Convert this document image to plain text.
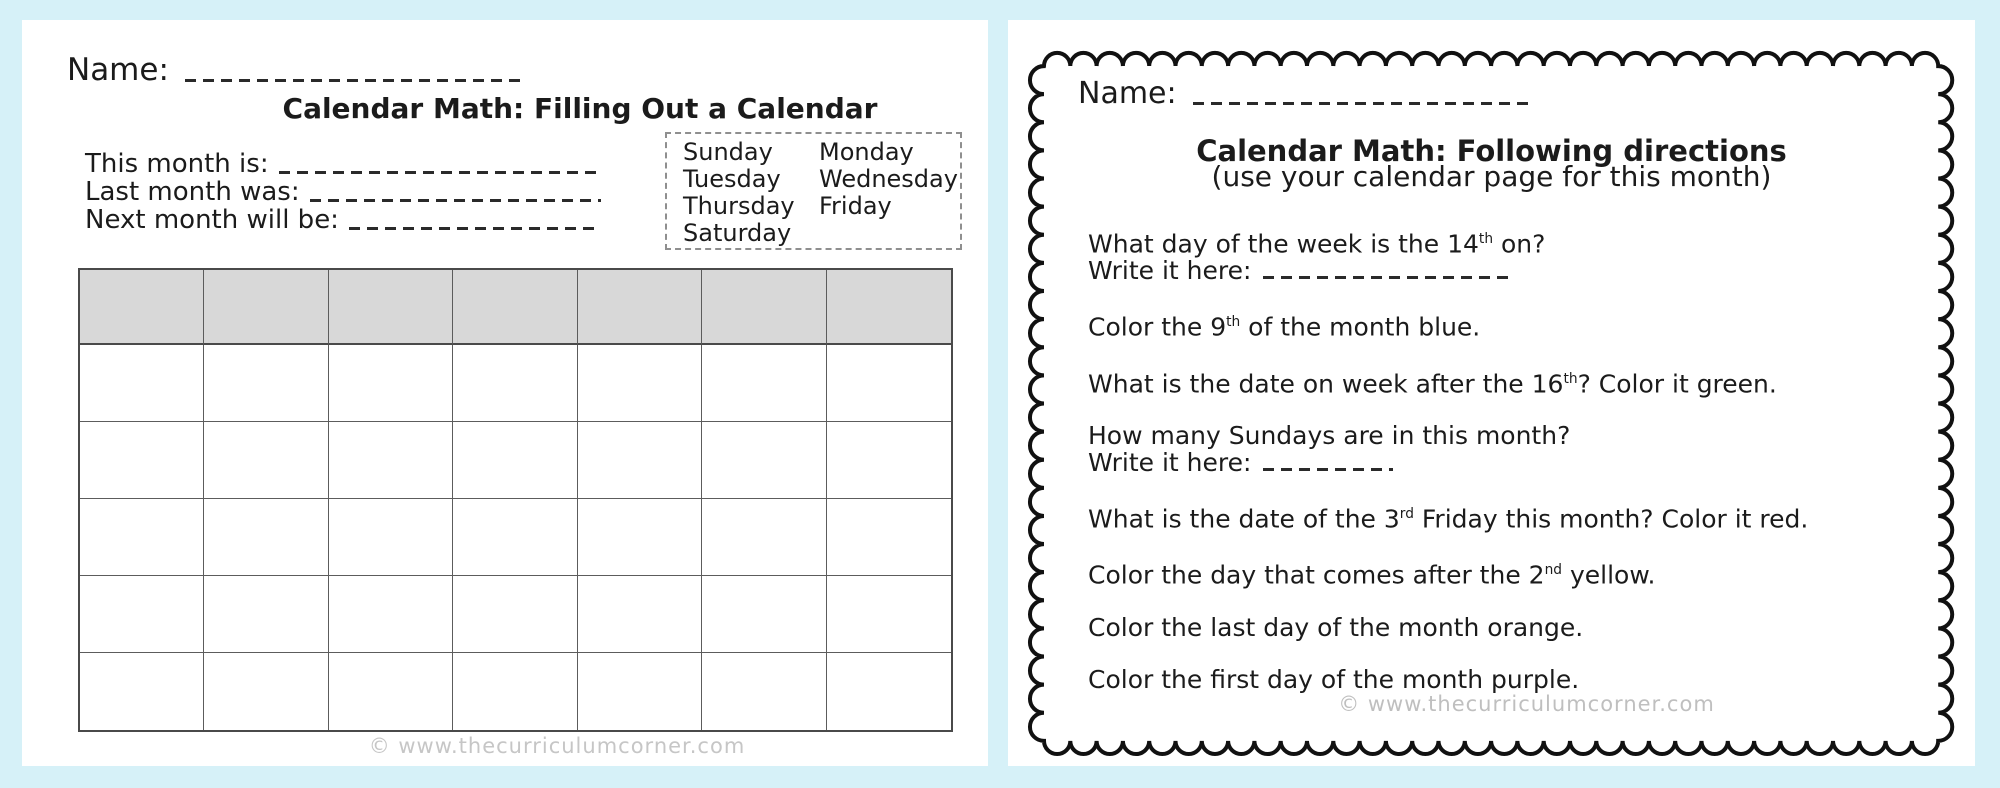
Name:
Calendar Math: Filling Out a Calendar
This month is:
Last month was:
Next month will be:
Sunday
Tuesday
Thursday
Saturday
Monday
Wednesday
Friday
© www.thecurriculumcorner.com
Name:
Calendar Math: Following directions
(use your calendar page for this month)
What day of the week is the 14th on?
Write it here:
Color the 9th of the month blue.
What is the date on week after the 16th? Color it green.
How many Sundays are in this month?
Write it here:
What is the date of the 3rd Friday this month? Color it red.
Color the day that comes after the 2nd yellow.
Color the last day of the month orange.
Color the first day of the month purple.
© www.thecurriculumcorner.com
